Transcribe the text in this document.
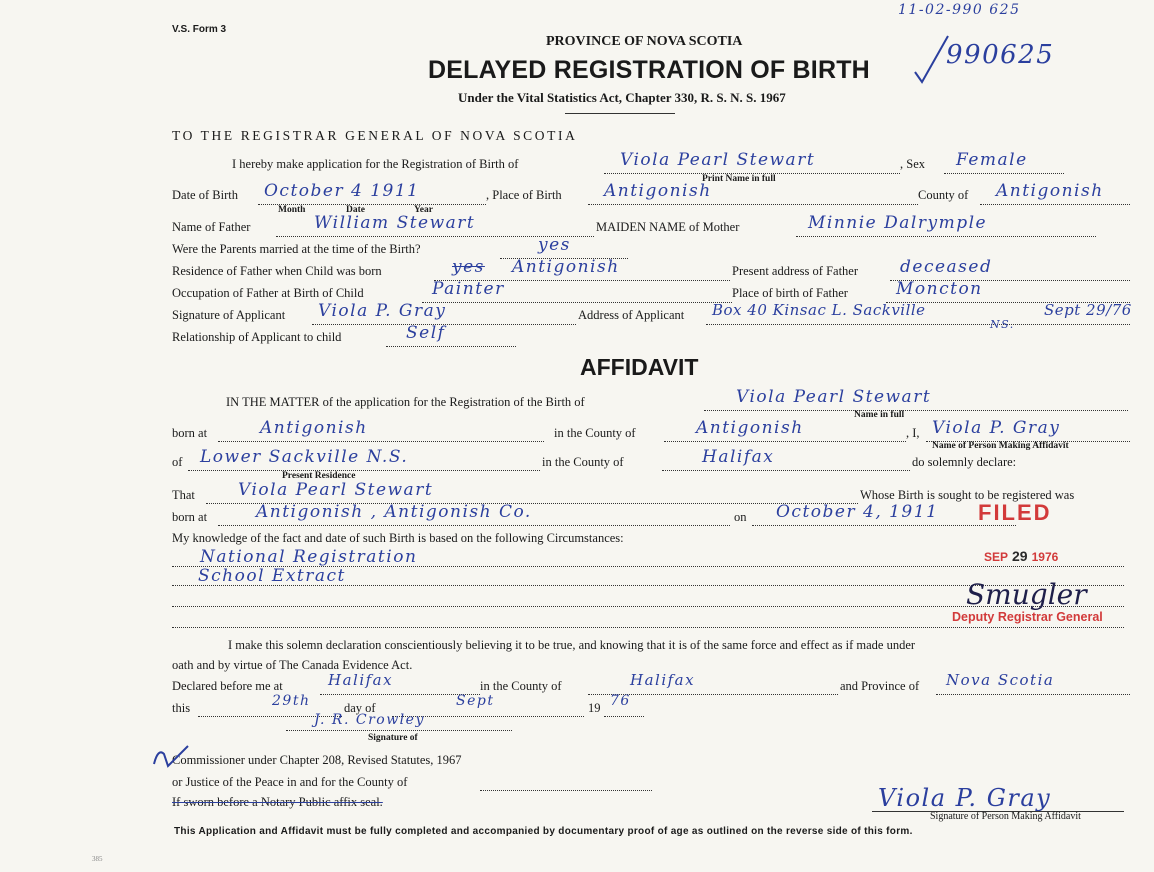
V.S. Form 3
PROVINCE OF NOVA SCOTIA
DELAYED REGISTRATION OF BIRTH
Under the Vital Statistics Act, Chapter 330, R. S. N. S. 1967
11-02-990 625
990625
TO THE REGISTRAR GENERAL OF NOVA SCOTIA
I hereby make application for the Registration of Birth of	Viola Pearl Stewart
Print Name in full
, Sex Female
Date of Birth October 4 1911
Month	Date	Year
, Place of Birth Antigonish	County of Antigonish
Name of Father	William Stewart	MAIDEN NAME of Mother	Minnie Dalrymple
Were the Parents married at the time of the Birth?	yes
Residence of Father when Child was born	yes Antigonish	Present address of Father deceased
Occupation of Father at Birth of Child	Painter	Place of birth of Father	Moncton
Signature of Applicant Viola P. Gray	Address of Applicant Box 40 Kinsac L. Sackville	Sept 29/76
NS.
Relationship of Applicant to child	Self
AFFIDAVIT
IN THE MATTER of the application for the Registration of the Birth of	Viola Pearl Stewart
Name in full
born at	Antigonish	in the County of	Antigonish	, I, Viola P. Gray
Name of Person Making Affidavit
of Lower Sackville N.S.
Present Residence
in the County of	Halifax	do solemnly declare:
That	Viola Pearl Stewart	Whose Birth is sought to be registered was
born at	Antigonish , Antigonish Co.	on October 4, 1911
My knowledge of the fact and date of such Birth is based on the following Circumstances:
National Registration
School Extract
I make this solemn declaration conscientiously believing it to be true, and knowing that it is of the same force and effect as if made under
oath and by virtue of The Canada Evidence Act.
Declared before me at	Halifax	in the County of	Halifax	and Province of Nova Scotia
this	29th	day of	Sept	19 76
J. R. Crowley
Signature of
Commissioner under Chapter 208, Revised Statutes, 1967
or Justice of the Peace in and for the County of
If sworn before a Notary Public affix seal.	Viola P. Gray
Signature of Person Making Affidavit
FILED
SEP 29 1976
Smugler
Deputy Registrar General
This Application and Affidavit must be fully completed and accompanied by documentary proof of age as outlined on the reverse side of this form.
385
